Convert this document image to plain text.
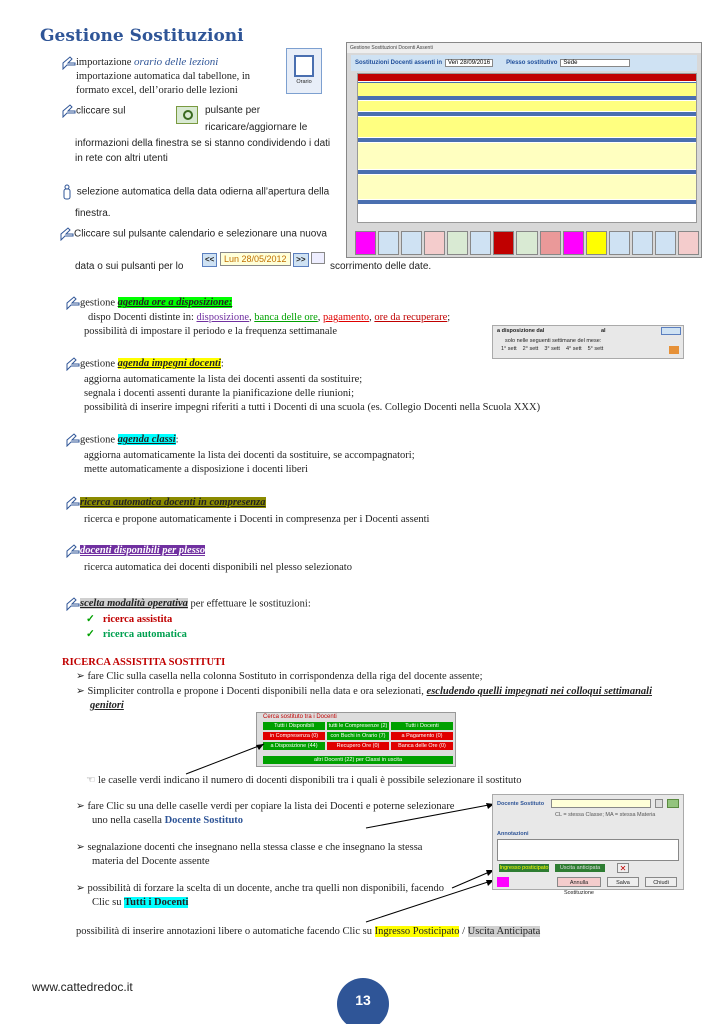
Gestione Sostituzioni
importazione orario delle lezioni
importazione automatica dal tabellone, in
formato excel, dell’orario delle lezioni
Orario
cliccare sul	pulsante per
ricaricare/aggiornare le
informazioni della finestra se si stanno condividendo i dati
in rete con altri utenti
selezione automatica della data odierna all’apertura della
finestra.
Cliccare sul pulsante calendario e selezionare una nuova
data o sui pulsanti per lo
<< Lun 28/05/2012 >>
scorrimento delle date.
Gestione Sostituzioni Docenti Assenti
Sostituzioni Docenti assenti in	Ven 28/09/2016	Plesso sostitutivo	Sede
gestione agenda ore a disposizione:
dispo Docenti distinte in: disposizione, banca delle ore, pagamento, ore da recuperare;
possibilità di impostare il periodo e la frequenza settimanale	a disposizione dal	al
solo nelle seguenti settimane del mese:
1° sett 2° sett 3° sett 4° sett 5° sett
gestione agenda impegni docenti:
aggiorna automaticamente la lista dei docenti assenti da sostituire;
segnala i docenti assenti durante la pianificazione delle riunioni;
possibilità di inserire impegni riferiti a tutti i Docenti di una scuola (es. Collegio Docenti nella Scuola XXX)
gestione agenda classi:
aggiorna automaticamente la lista dei docenti da sostituire, se accompagnatori;
mette automaticamente a disposizione i docenti liberi
ricerca automatica docenti in compresenza
ricerca e propone automaticamente i Docenti in compresenza per i Docenti assenti
docenti disponibili per plesso
ricerca automatica dei docenti disponibili nel plesso selezionato
scelta modalità operativa per effettuare le sostituzioni:
✓ ricerca assistita
✓ ricerca automatica
RICERCA ASSISTITA SOSTITUTI
➢ fare Clic sulla casella nella colonna Sostituto in corrispondenza della riga del docente assente;
➢ Simpliciter controlla e propone i Docenti disponibili nella data e ora selezionati, escludendo quelli impegnati nei colloqui settimanali
genitori
Cerca sostituto tra i Docenti
Tutti i Disponibili	tutti le Compresenze (2)	Tutti i Docenti
in Compresenza (0)	con Buchi in Orario (7)	a Pagamento (0)
a Disposizione (44)	Recupero Ore (0)	Banca delle Ore (0)
altri Docenti (22) per Classi in uscita
☜ le caselle verdi indicano il numero di docenti disponibili tra i quali è possibile selezionare il sostituto
➢ fare Clic su una delle caselle verdi per copiare la lista dei Docenti e poterne selezionare
uno nella casella Docente Sostituto
➢ segnalazione docenti che insegnano nella stessa classe e che insegnano la stessa
materia del Docente assente
➢ possibilità di forzare la scelta di un docente, anche tra quelli non disponibili, facendo
Clic su Tutti i Docenti
possibilità di inserire annotazioni libere o automatiche facendo Clic su Ingresso Posticipato / Uscita Anticipata
Docente Sostituto
CL = stessa Classe; MA = stessa Materia
Annotazioni
Ingresso posticipato	Uscita anticipata	✕
Annulla Sostituzione
Salva	Chiudi
www.cattedredoc.it
13
